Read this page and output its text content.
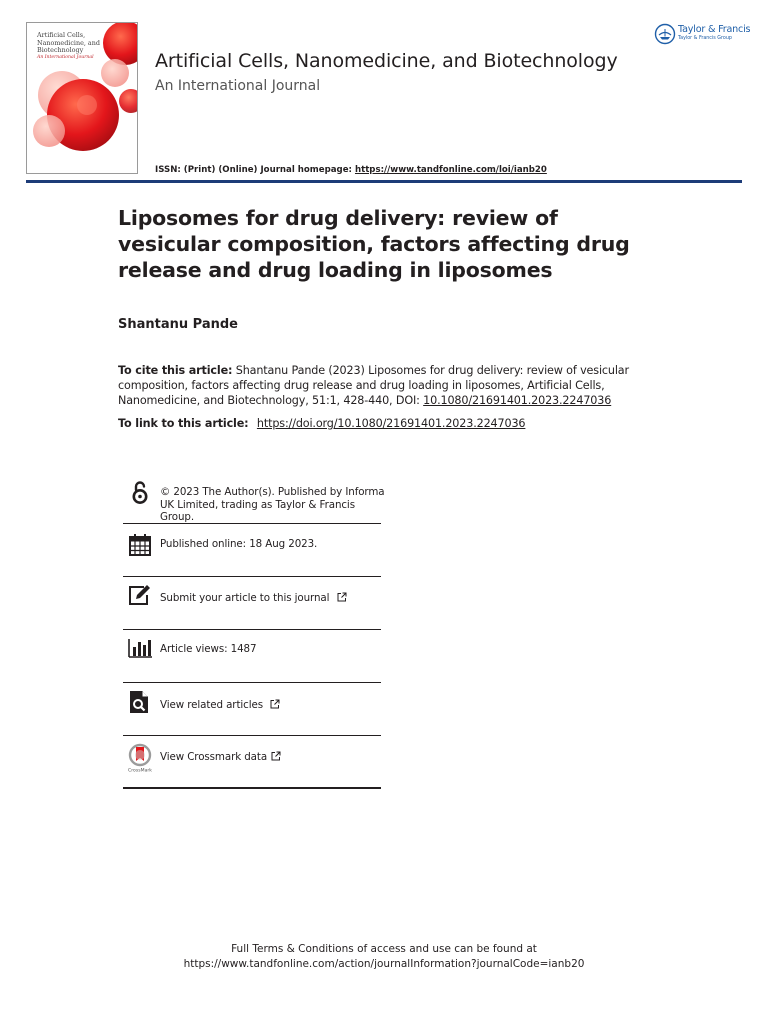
Artificial Cells, Nanomedicine, and Biotechnology
An International Journal	Artificial Cells, Nanomedicine, and Biotechnology
An International Journal
Taylor & Francis
Taylor & Francis Group
ISSN: (Print) (Online) Journal homepage: https://www.tandfonline.com/loi/ianb20
Liposomes for drug delivery: review of vesicular composition, factors affecting drug release and drug loading in liposomes
Shantanu Pande
To cite this article: Shantanu Pande (2023) Liposomes for drug delivery: review of vesicular composition, factors affecting drug release and drug loading in liposomes, Artificial Cells, Nanomedicine, and Biotechnology, 51:1, 428-440, DOI: 10.1080/21691401.2023.2247036
To link to this article: https://doi.org/10.1080/21691401.2023.2247036
© 2023 The Author(s). Published by Informa
UK Limited, trading as Taylor & Francis
Group.
Published online: 18 Aug 2023.
Submit your article to this journal
Article views: 1487
View related articles
CrossMark
View Crossmark data
Full Terms & Conditions of access and use can be found at
https://www.tandfonline.com/action/journalInformation?journalCode=ianb20
